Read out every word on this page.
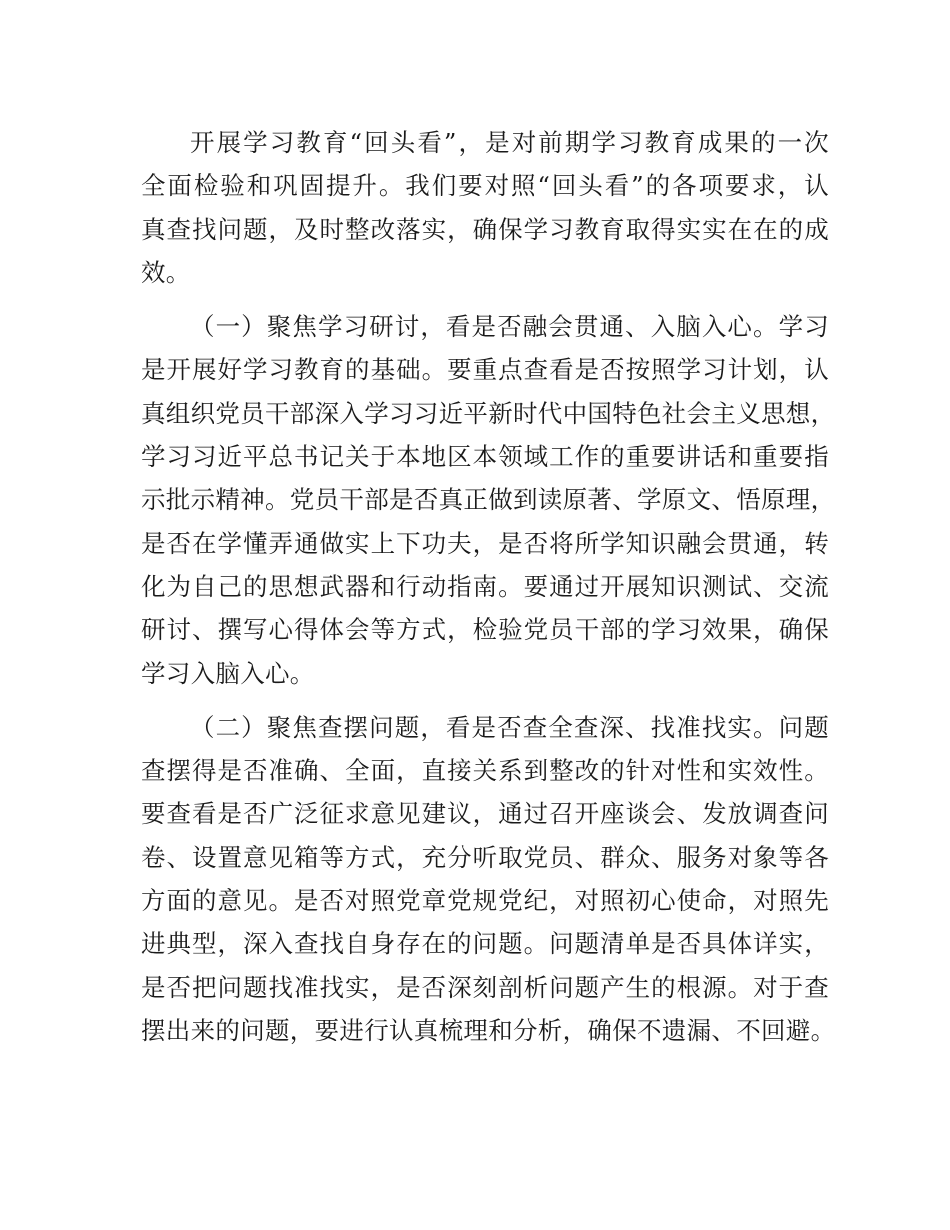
开展学习教育“回头看”，是对前期学习教育成果的一次
全面检验和巩固提升。我们要对照“回头看”的各项要求，认
真查找问题，及时整改落实，确保学习教育取得实实在在的成
效。

（一）聚焦学习研讨，看是否融会贯通、入脑入心。学习
是开展好学习教育的基础。要重点查看是否按照学习计划，认
真组织党员干部深入学习习近平新时代中国特色社会主义思想，
学习习近平总书记关于本地区本领域工作的重要讲话和重要指
示批示精神。党员干部是否真正做到读原著、学原文、悟原理，
是否在学懂弄通做实上下功夫，是否将所学知识融会贯通，转
化为自己的思想武器和行动指南。要通过开展知识测试、交流
研讨、撰写心得体会等方式，检验党员干部的学习效果，确保
学习入脑入心。

（二）聚焦查摆问题，看是否查全查深、找准找实。问题
查摆得是否准确、全面，直接关系到整改的针对性和实效性。
要查看是否广泛征求意见建议，通过召开座谈会、发放调查问
卷、设置意见箱等方式，充分听取党员、群众、服务对象等各
方面的意见。是否对照党章党规党纪，对照初心使命，对照先
进典型，深入查找自身存在的问题。问题清单是否具体详实，
是否把问题找准找实，是否深刻剖析问题产生的根源。对于查
摆出来的问题，要进行认真梳理和分析，确保不遗漏、不回避。
